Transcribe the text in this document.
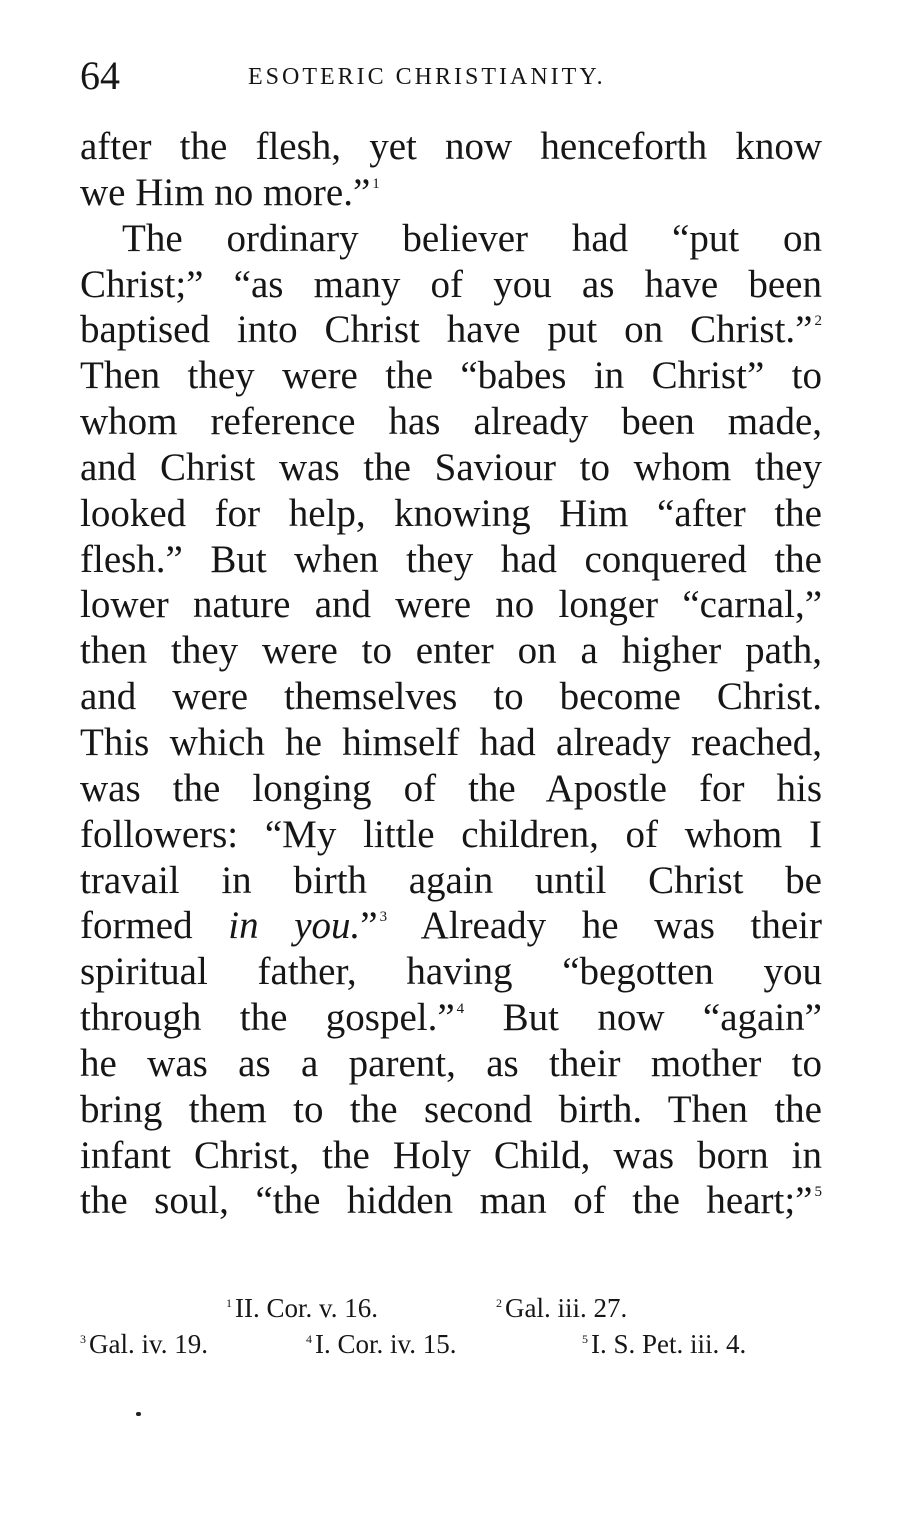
64	ESOTERIC CHRISTIANITY.
after the flesh, yet now henceforth know
we Him no more.” $^1$
The ordinary believer had “put on
Christ;” “as many of you as have been
baptised into Christ have put on Christ.” $^2$
Then they were the “babes in Christ” to
whom reference has already been made,
and Christ was the Saviour to whom they
looked for help, knowing Him “after the
flesh.” But when they had conquered the
lower nature and were no longer “carnal,”
then they were to enter on a higher path,
and were themselves to become Christ.
This which he himself had already reached,
was the longing of the Apostle for his
followers: “My little children, of whom I
travail in birth again until Christ be
formed in you.” $^3$ Already he was their
spiritual father, having “begotten you
through the gospel.” $^4$ But now “again”
he was as a parent, as their mother to
bring them to the second birth. Then the
infant Christ, the Holy Child, was born in
the soul, “the hidden man of the heart;” $^5$
$^1$ II. Cor. v. 16.	$^2$ Gal. iii. 27.
$^3$ Gal. iv. 19.	$^4$ I. Cor. iv. 15.	$^5$ I. S. Pet. iii. 4.
